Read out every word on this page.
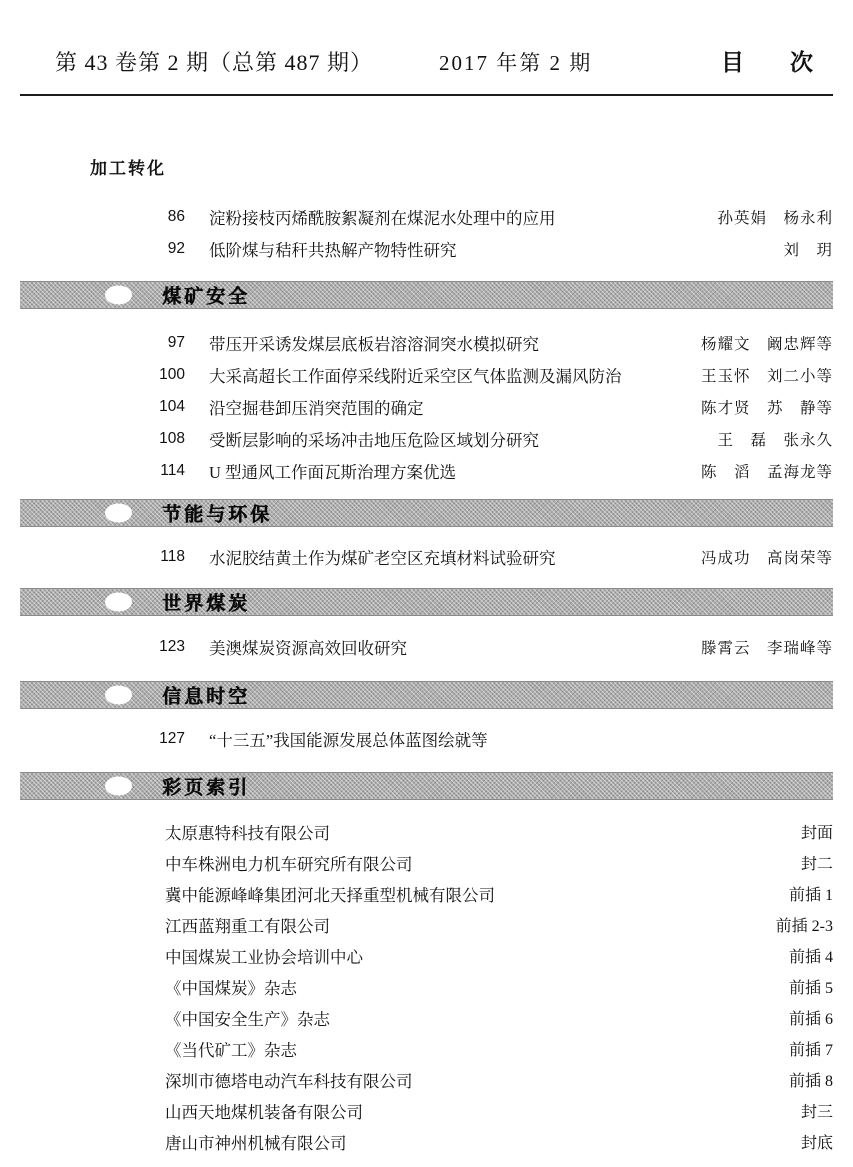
第 43 卷第 2 期（总第 487 期）	2017 年第 2 期	目　　次
加工转化
86 淀粉接枝丙烯酰胺絮凝剂在煤泥水处理中的应用	孙英娟　杨永利
92 低阶煤与秸秆共热解产物特性研究	刘　玥
煤矿安全
97 带压开采诱发煤层底板岩溶溶洞突水模拟研究	杨耀文　阚忠辉等
100 大采高超长工作面停采线附近采空区气体监测及漏风防治	王玉怀　刘二小等
104 沿空掘巷卸压消突范围的确定	陈才贤　苏　静等
108 受断层影响的采场冲击地压危险区域划分研究	王　磊　张永久
114 U 型通风工作面瓦斯治理方案优选	陈　滔　孟海龙等
节能与环保
118 水泥胶结黄土作为煤矿老空区充填材料试验研究	冯成功　高岗荣等
世界煤炭
123 美澳煤炭资源高效回收研究	滕霄云　李瑞峰等
信息时空
127 “十三五”我国能源发展总体蓝图绘就等
彩页索引
太原惠特科技有限公司	封面
中车株洲电力机车研究所有限公司	封二
冀中能源峰峰集团河北天择重型机械有限公司	前插 1
江西蓝翔重工有限公司	前插 2-3
中国煤炭工业协会培训中心	前插 4
《中国煤炭》杂志	前插 5
《中国安全生产》杂志	前插 6
《当代矿工》杂志	前插 7
深圳市德塔电动汽车科技有限公司	前插 8
山西天地煤机装备有限公司	封三
唐山市神州机械有限公司	封底
